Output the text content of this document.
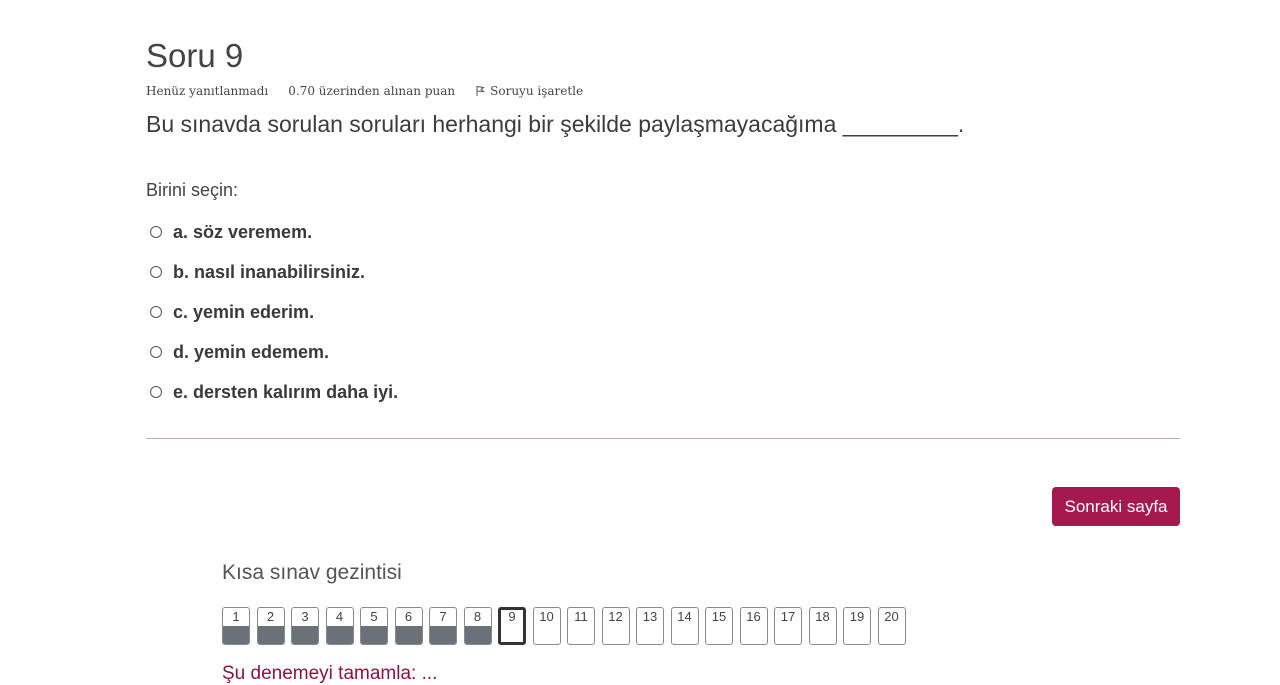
Soru 9
Henüz yanıtlanmadı 0.70 üzerinden alınan puan	Soruyu işaretle
Bu sınavda sorulan soruları herhangi bir şekilde paylaşmayacağıma _________.
Birini seçin:
a. söz veremem.
b. nasıl inanabilirsiniz.
c. yemin ederim.
d. yemin edemem.
e. dersten kalırım daha iyi.
Sonraki sayfa
Kısa sınav gezintisi
1	2	3	4	5	6	7	8	9	10	11	12	13	14	15	16	17	18	19	20
Şu denemeyi tamamla: ...
